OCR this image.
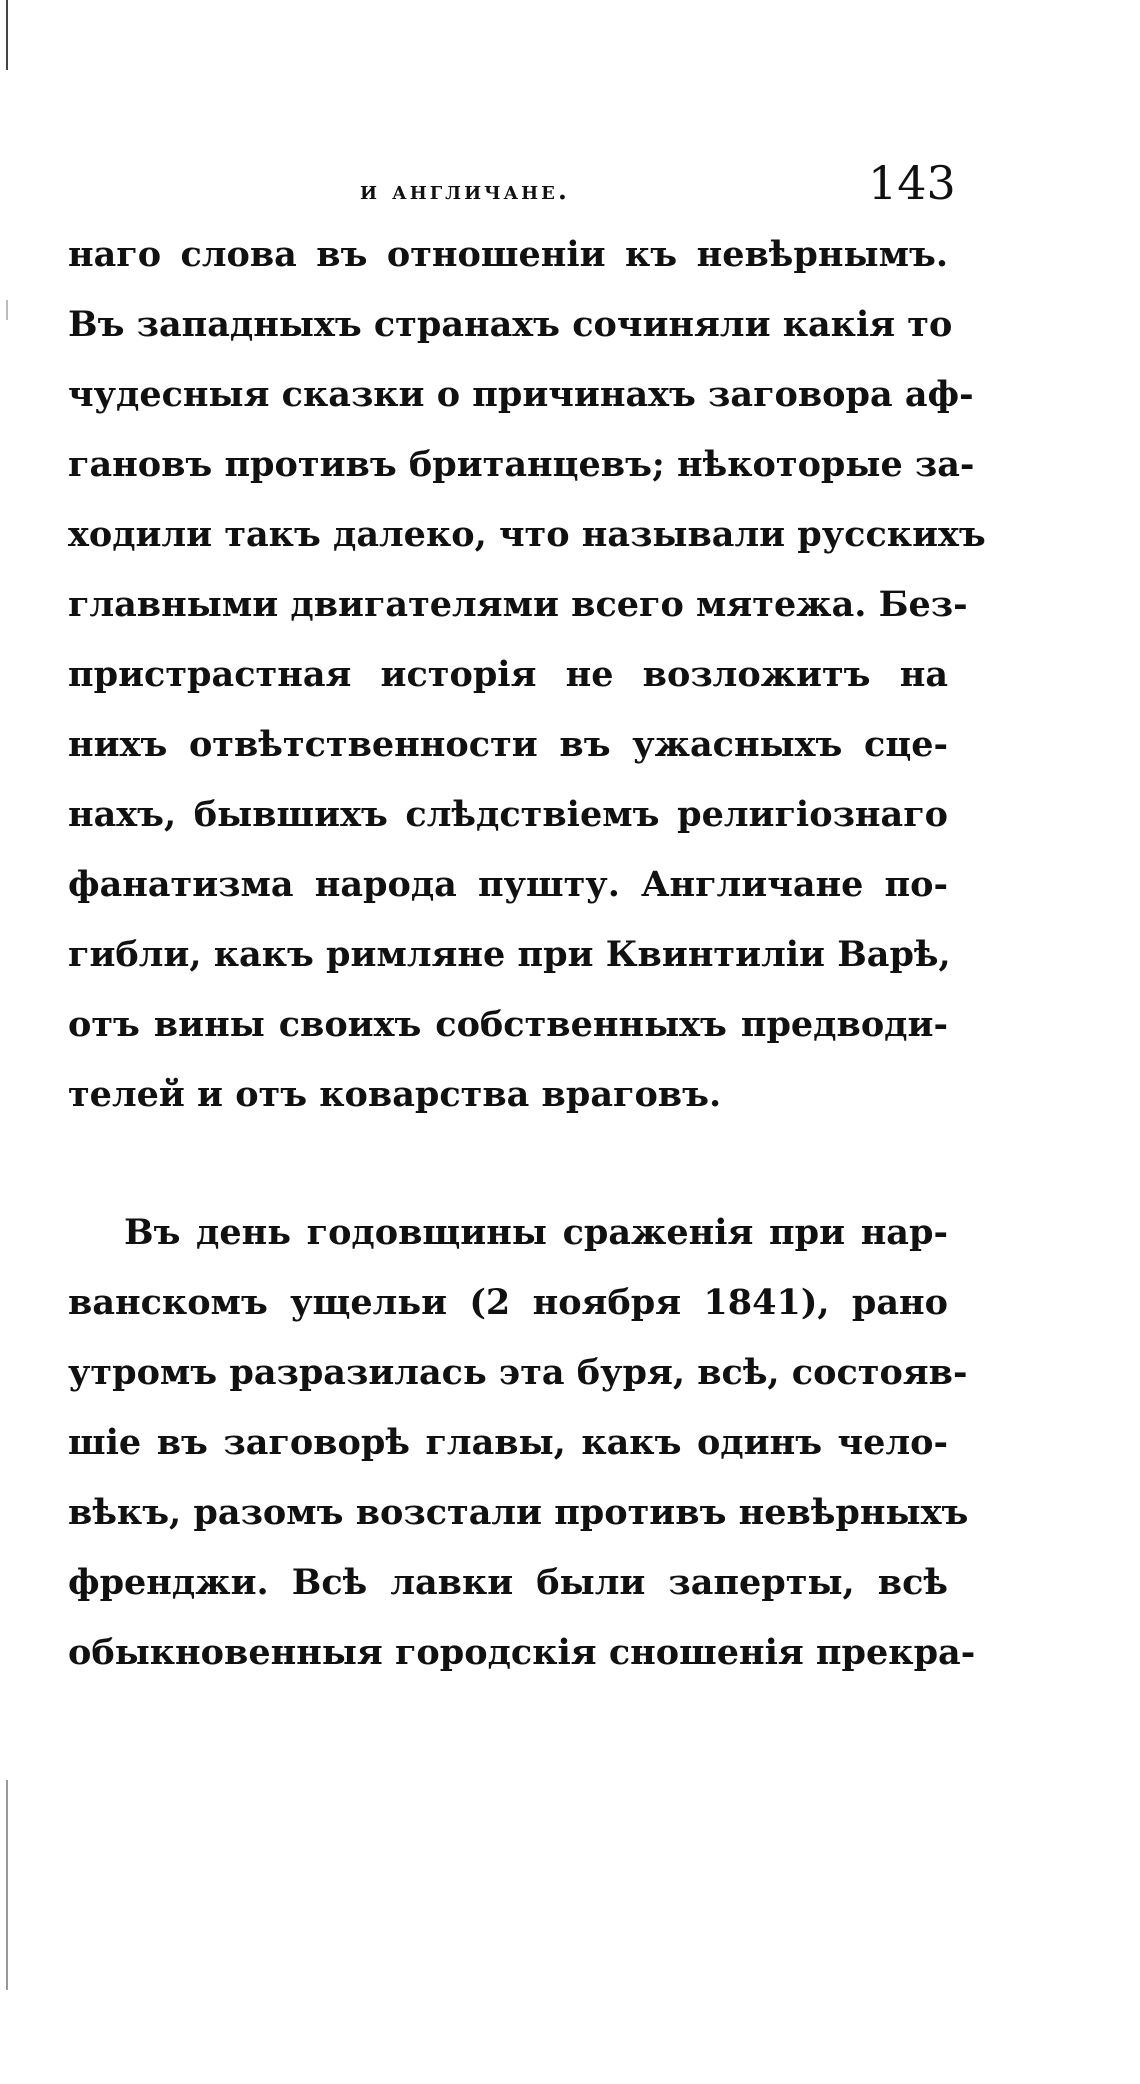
и англичане.	143
наго слова въ отношеніи къ невѣрнымъ.
Въ западныхъ странахъ сочиняли какія то
чудесныя сказки о причинахъ заговора аф-
гановъ противъ британцевъ; нѣкоторые за-
ходили такъ далеко, что называли русскихъ
главными двигателями всего мятежа. Без-
пристрастная исторія не возложитъ на
нихъ отвѣтственности въ ужасныхъ сце-
нахъ, бывшихъ слѣдствіемъ религіознаго
фанатизма народа пушту. Англичане по-
гибли, какъ римляне при Квинтиліи Варѣ,
отъ вины своихъ собственныхъ предводи-
телей и отъ коварства враговъ.
Въ день годовщины сраженія при нар-
ванскомъ ущельи (2 ноября 1841), рано
утромъ разразилась эта буря, всѣ, состояв-
шіе въ заговорѣ главы, какъ одинъ чело-
вѣкъ, разомъ возстали противъ невѣрныхъ
френджи. Всѣ лавки были заперты, всѣ
обыкновенныя городскія сношенія прекра-
